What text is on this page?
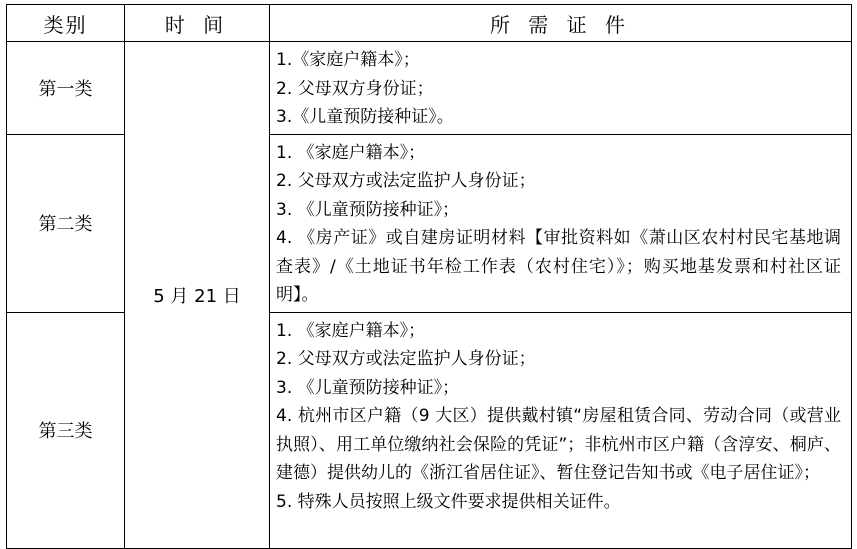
类别	时 间	所 需 证 件
第一类	5 月 21 日	1.《家庭户籍本》；
2. 父母双方身份证；
3.《儿童预防接种证》。

第二类		1. 《家庭户籍本》；
2. 父母双方或法定监护人身份证；
3. 《儿童预防接种证》；
4. 《房产证》或自建房证明材料【审批资料如《萧山区农村村民宅基地调查表》/《土地证书年检工作表（农村住宅）》；购买地基发票和村社区证明】。

第三类		1. 《家庭户籍本》；
2. 父母双方或法定监护人身份证；
3. 《儿童预防接种证》；
4. 杭州市区户籍（9 大区）提供戴村镇“房屋租赁合同、劳动合同（或营业执照）、用工单位缴纳社会保险的凭证”；非杭州市区户籍（含淳安、桐庐、建德）提供幼儿的《浙江省居住证》、暂住登记告知书或《电子居住证》；
5. 特殊人员按照上级文件要求提供相关证件。
